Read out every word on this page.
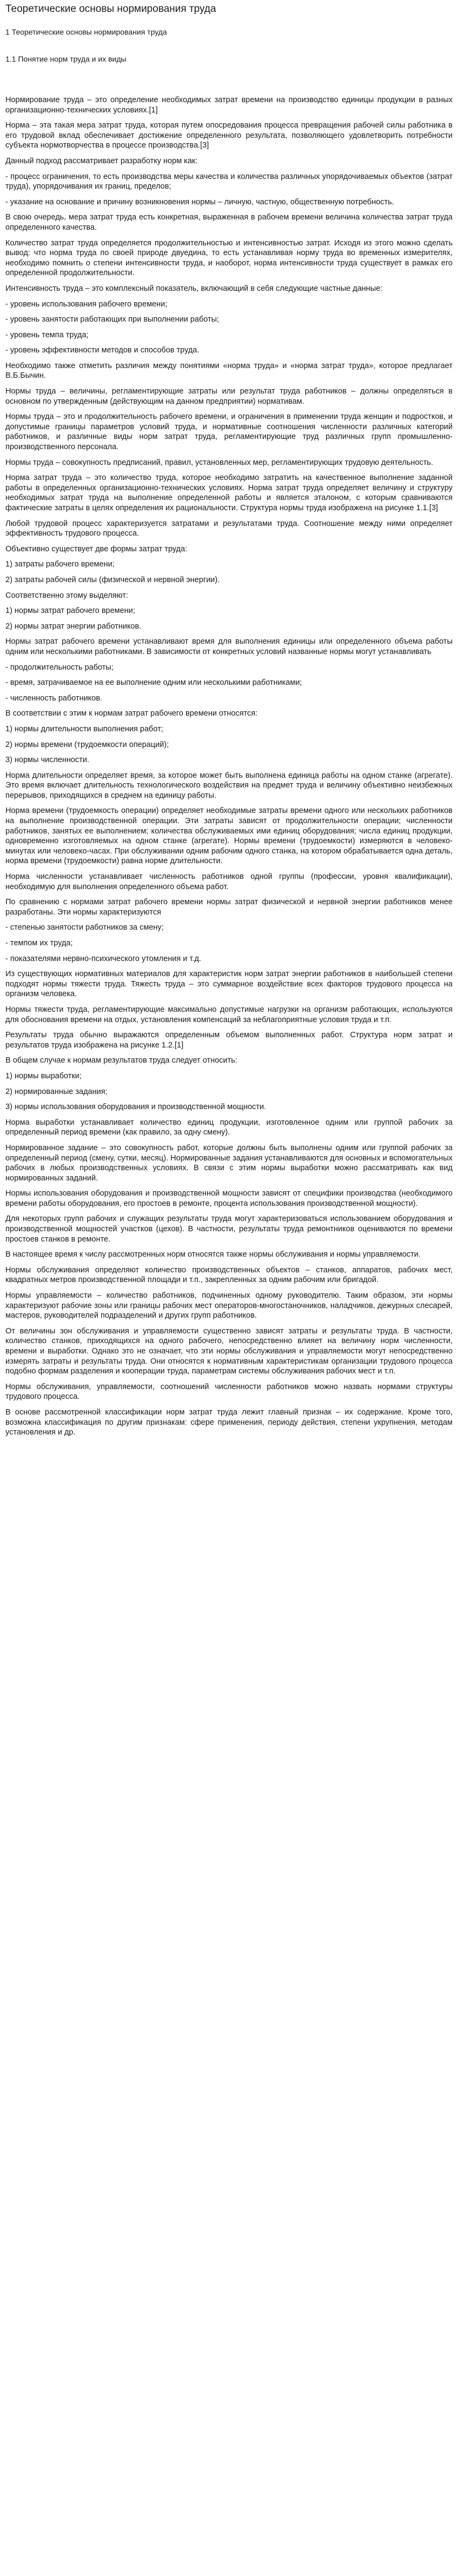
Теоретические основы нормирования труда
1 Теоретические основы нормирования труда
1.1 Понятие норм труда и их виды

Нормирование труда – это определение необходимых затрат времени на производство единицы продукции в разных организационно-технических условиях.[1]

Норма – эта такая мера затрат труда, которая путем опосредования процесса превращения рабочей силы работника в его трудовой вклад обеспечивает достижение определенного результата, позволяющего удовлетворить потребности субъекта нормотворчества в процессе производства.[3]

Данный подход рассматривает разработку норм как:

- процесс ограничения, то есть производства меры качества и количества различных упорядочиваемых объектов (затрат труда), упорядочивания их границ, пределов;

- указание на основание и причину возникновения нормы – личную, частную, общественную потребность.

В свою очередь, мера затрат труда есть конкретная, выраженная в рабочем времени величина количества затрат труда определенного качества.

Количество затрат труда определяется продолжительностью и интенсивностью затрат. Исходя из этого можно сделать вывод: что норма труда по своей природе двуедина, то есть устанавливая норму труда во временных измерителях, необходимо помнить о степени интенсивности труда, и наоборот, норма интенсивности труда существует в рамках его определенной продолжительности.

Интенсивность труда – это комплексный показатель, включающий в себя следующие частные данные:

- уровень использования рабочего времени;

- уровень занятости работающих при выполнении работы;

- уровень темпа труда;

- уровень эффективности методов и способов труда.

Необходимо также отметить различия между понятиями «норма труда» и «норма затрат труда», которое предлагает В.Б.Бычин.

Нормы труда – величины, регламентирующие затраты или результат труда работников – должны определяться в основном по утвержденным (действующим на данном предприятии) нормативам.

Нормы труда – это и продолжительность рабочего времени, и ограничения в применении труда женщин и подростков, и допустимые границы параметров условий труда, и нормативные соотношения численности различных категорий работников, и различные виды норм затрат труда, регламентирующие труд различных групп промышленно-производственного персонала.

Нормы труда – совокупность предписаний, правил, установленных мер, регламентирующих трудовую деятельность.

Норма затрат труда – это количество труда, которое необходимо затратить на качественное выполнение заданной работы в определенных организационно-технических условиях. Норма затрат труда определяет величину и структуру необходимых затрат труда на выполнение определенной работы и является эталоном, с которым сравниваются фактические затраты в целях определения их рациональности. Структура нормы труда изображена на рисунке 1.1.[3]

Любой трудовой процесс характеризуется затратами и результатами труда. Соотношение между ними определяет эффективность трудового процесса.

Объективно существует две формы затрат труда:

1) затраты рабочего времени;

2) затраты рабочей силы (физической и нервной энергии).

Соответственно этому выделяют:

1) нормы затрат рабочего времени;

2) нормы затрат энергии работников.

Нормы затрат рабочего времени устанавливают время для выполнения единицы или определенного объема работы одним или несколькими работниками. В зависимости от конкретных условий названные нормы могут устанавливать

- продолжительность работы;

- время, затрачиваемое на ее выполнение одним или несколькими работниками;

- численность работников.

В соответствии с этим к нормам затрат рабочего времени относятся:

1) нормы длительности выполнения работ;

2) нормы времени (трудоемкости операций);

3) нормы численности.

Норма длительности определяет время, за которое может быть выполнена единица работы на одном станке (агрегате). Это время включает длительность технологического воздействия на предмет труда и величину объективно неизбежных перерывов, приходящихся в среднем на единицу работы.

Норма времени (трудоемкость операции) определяет необходимые затраты времени одного или нескольких работников на выполнение производственной операции. Эти затраты зависят от продолжительности операции; численности работников, занятых ее выполнением; количества обслуживаемых ими единиц оборудования; числа единиц продукции, одновременно изготовляемых на одном станке (агрегате). Нормы времени (трудоемкости) измеряются в человеко-минутах или человеко-часах. При обслуживании одним рабочим одного станка, на котором обрабатывается одна деталь, норма времени (трудоемкости) равна норме длительности.

Норма численности устанавливает численность работников одной группы (профессии, уровня квалификации), необходимую для выполнения определенного объема работ.

По сравнению с нормами затрат рабочего времени нормы затрат физической и нервной энергии работников менее разработаны. Эти нормы характеризуются

- степенью занятости работников за смену;

- темпом их труда;

- показателями нервно-психического утомления и т.д.

Из существующих нормативных материалов для характеристик норм затрат энергии работников в наибольшей степени подходят нормы тяжести труда. Тяжесть труда – это суммарное воздействие всех факторов трудового процесса на организм человека.

Нормы тяжести труда, регламентирующие максимально допустимые нагрузки на организм работающих, используются для обоснования времени на отдых, установления компенсаций за неблагоприятные условия труда и т.п.

Результаты труда обычно выражаются определенным объемом выполненных работ. Структура норм затрат и результатов труда изображена на рисунке 1.2.[1]

В общем случае к нормам результатов труда следует относить:

1) нормы выработки;

2) нормированные задания;

3) нормы использования оборудования и производственной мощности.

Норма выработки устанавливает количество единиц продукции, изготовленное одним или группой рабочих за определенный период времени (как правило, за одну смену).

Нормированное задание – это совокупность работ, которые должны быть выполнены одним или группой рабочих за определенный период (смену, сутки, месяц). Нормированные задания устанавливаются для основных и вспомогательных рабочих в любых производственных условиях. В связи с этим нормы выработки можно рассматривать как вид нормированных заданий.

Нормы использования оборудования и производственной мощности зависят от специфики производства (необходимого времени работы оборудования, его простоев в ремонте, процента использования производственной мощности).

Для некоторых групп рабочих и служащих результаты труда могут характеризоваться использованием оборудования и производственной мощностей участков (цехов). В частности, результаты труда ремонтников оцениваются по времени простоев станков в ремонте.

В настоящее время к числу рассмотренных норм относятся также нормы обслуживания и нормы управляемости.

Нормы обслуживания определяют количество производственных объектов – станков, аппаратов, рабочих мест, квадратных метров производственной площади и т.п., закрепленных за одним рабочим или бригадой.

Нормы управляемости – количество работников, подчиненных одному руководителю. Таким образом, эти нормы характеризуют рабочие зоны или границы рабочих мест операторов-многостаночников, наладчиков, дежурных слесарей, мастеров, руководителей подразделений и других групп работников.

От величины зон обслуживания и управляемости существенно зависят затраты и результаты труда. В частности, количество станков, приходящихся на одного рабочего, непосредственно влияет на величину норм численности, времени и выработки. Однако это не означает, что эти нормы обслуживания и управляемости могут непосредственно измерять затраты и результаты труда. Они относятся к нормативным характеристикам организации трудового процесса подобно формам разделения и кооперации труда, параметрам системы обслуживания рабочих мест и т.п.

Нормы обслуживания, управляемости, соотношений численности работников можно назвать нормами структуры трудового процесса.

В основе рассмотренной классификации норм затрат труда лежит главный признак – их содержание. Кроме того, возможна классификация по другим признакам: сфере применения, периоду действия, степени укрупнения, методам установления и др.
